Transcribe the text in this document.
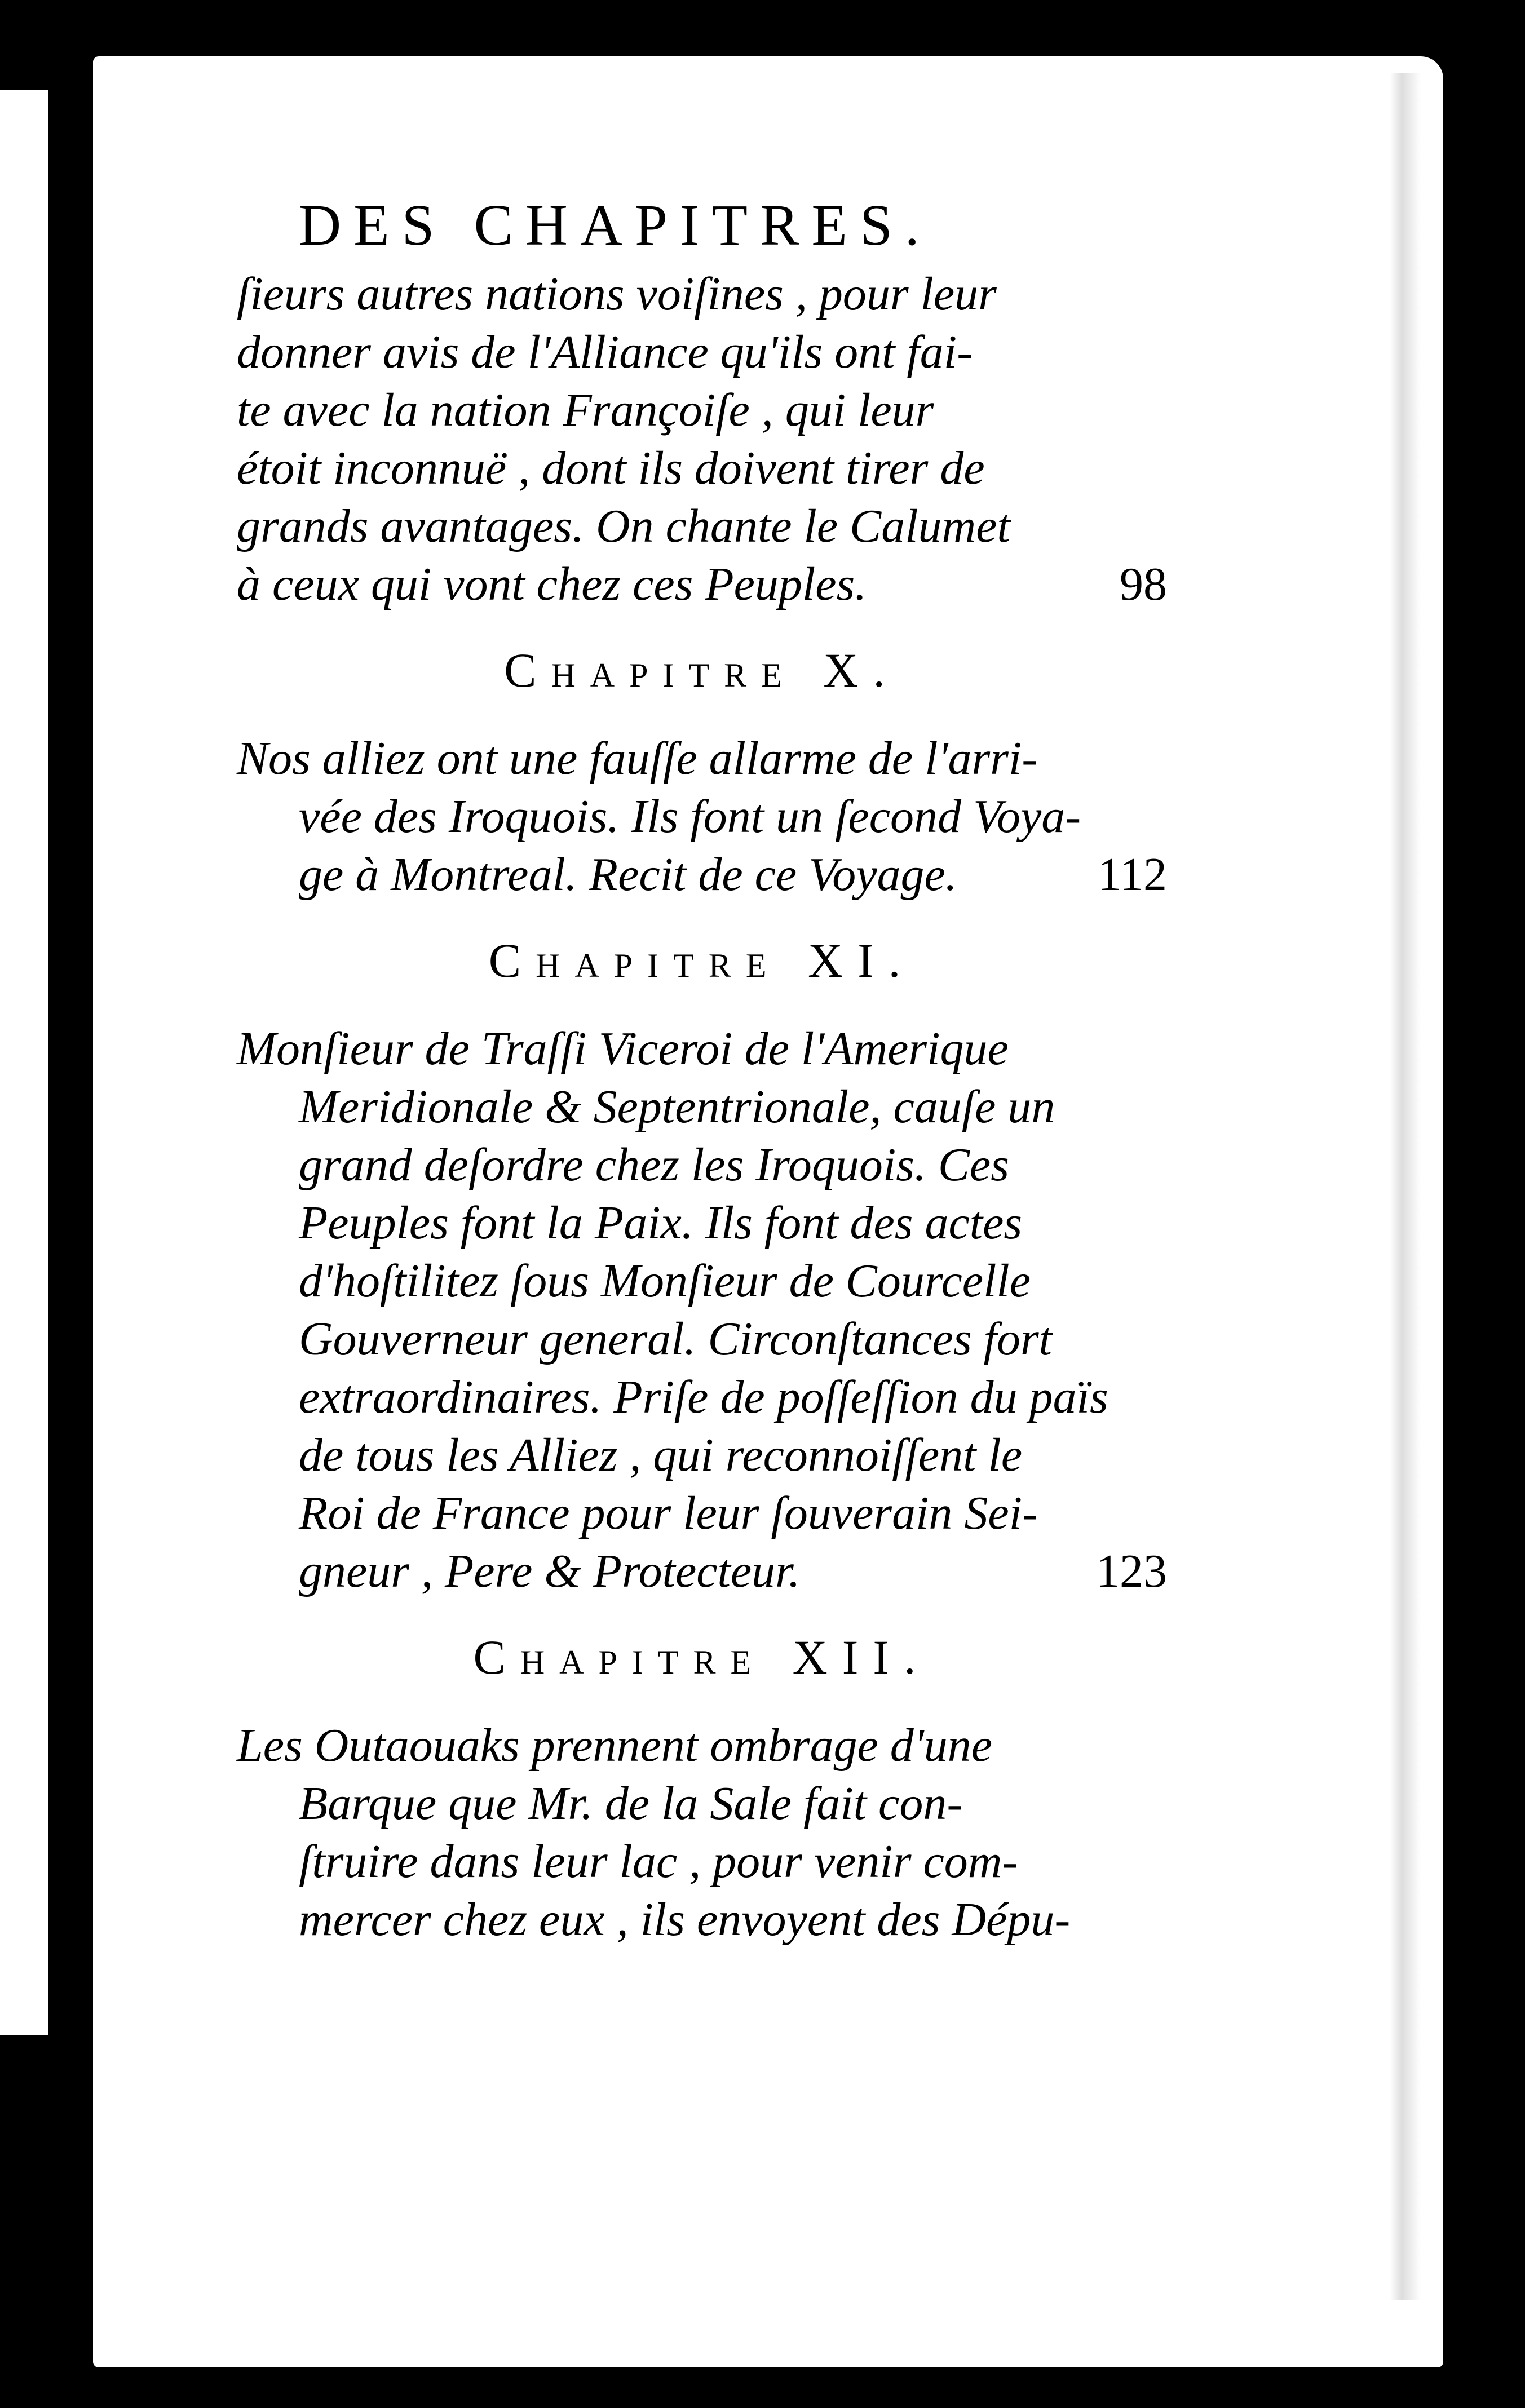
DES CHAPITRES.
ſieurs autres nations voiſines , pour leur
donner avis de l'Alliance qu'ils ont fai-
te avec la nation Françoiſe , qui leur
étoit inconnuë , dont ils doivent tirer de
grands avantages. On chante le Calumet
à ceux qui vont chez ces Peuples.	98
Chapitre X.
Nos alliez ont une fauſſe allarme de l'arri-
vée des Iroquois. Ils font un ſecond Voya-
ge à Montreal. Recit de ce Voyage.	112
Chapitre XI.
Monſieur de Traſſi Viceroi de l'Amerique
Meridionale & Septentrionale, cauſe un
grand deſordre chez les Iroquois. Ces
Peuples font la Paix. Ils font des actes
d'hoſtilitez ſous Monſieur de Courcelle
Gouverneur general. Circonſtances fort
extraordinaires. Priſe de poſſeſſion du païs
de tous les Alliez , qui reconnoiſſent le
Roi de France pour leur ſouverain Sei-
gneur , Pere & Protecteur.	123
Chapitre XII.
Les Outaouaks prennent ombrage d'une
Barque que Mr. de la Sale fait con-
ſtruire dans leur lac , pour venir com-
mercer chez eux , ils envoyent des Dépu-
